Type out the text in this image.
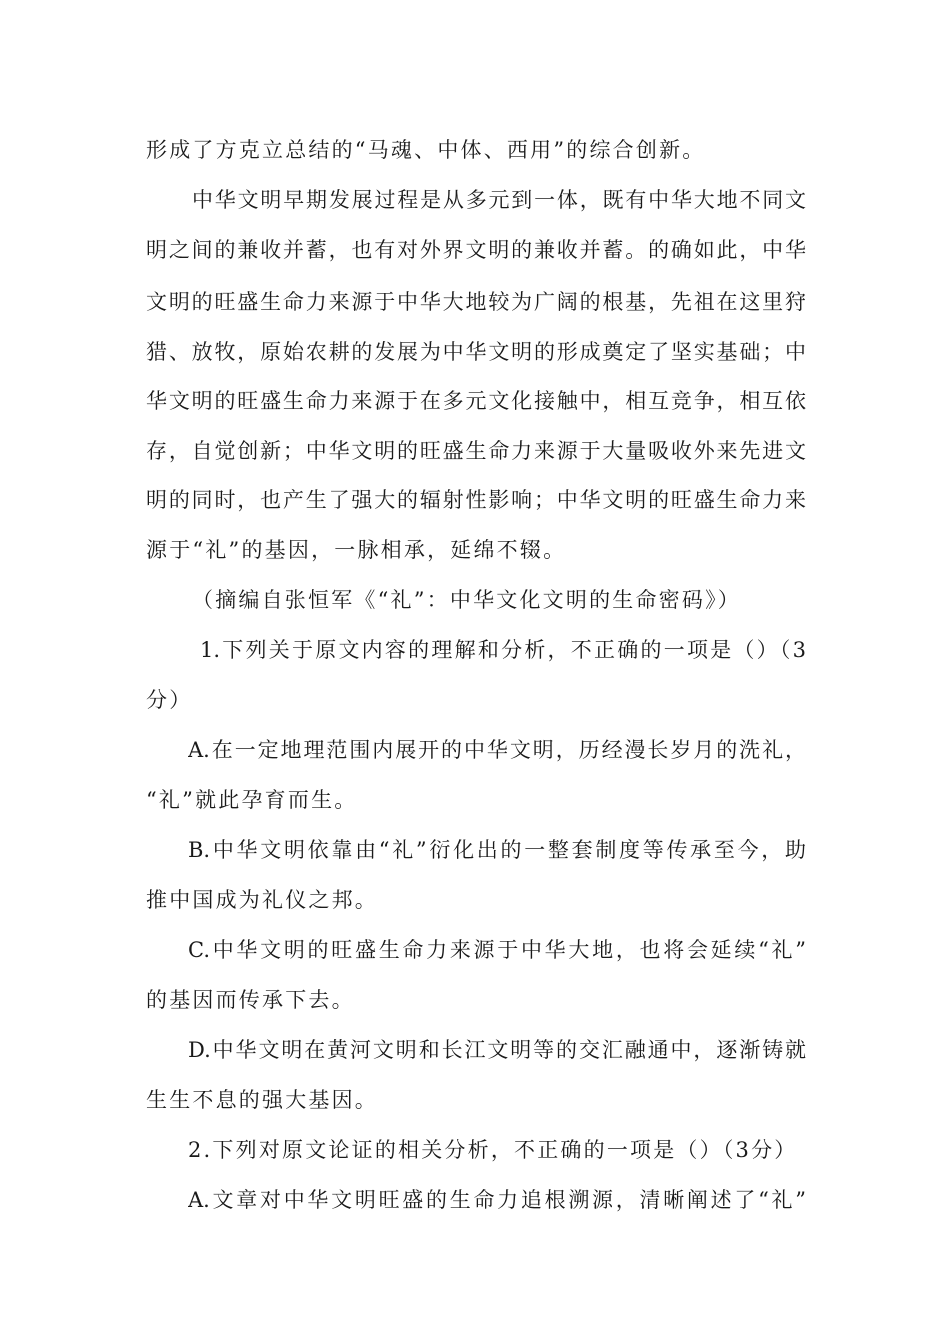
形成了方克立总结的“马魂、中体、西用”的综合创新。
中华文明早期发展过程是从多元到一体，既有中华大地不同文
明之间的兼收并蓄，也有对外界文明的兼收并蓄。的确如此，中华
文明的旺盛生命力来源于中华大地较为广阔的根基，先祖在这里狩
猎、放牧，原始农耕的发展为中华文明的形成奠定了坚实基础；中
华文明的旺盛生命力来源于在多元文化接触中，相互竞争，相互依
存，自觉创新；中华文明的旺盛生命力来源于大量吸收外来先进文
明的同时，也产生了强大的辐射性影响；中华文明的旺盛生命力来
源于“礼”的基因，一脉相承，延绵不辍。
（摘编自张恒军《“礼”：中华文化文明的生命密码》）
1.下列关于原文内容的理解和分析，不正确的一项是（）（3
分）
A.在一定地理范围内展开的中华文明，历经漫长岁月的洗礼，
“礼”就此孕育而生。
B.中华文明依靠由“礼”衍化出的一整套制度等传承至今，助
推中国成为礼仪之邦。
C.中华文明的旺盛生命力来源于中华大地，也将会延续“礼”
的基因而传承下去。
D.中华文明在黄河文明和长江文明等的交汇融通中，逐渐铸就
生生不息的强大基因。
2.下列对原文论证的相关分析，不正确的一项是（）（3分）
A.文章对中华文明旺盛的生命力追根溯源，清晰阐述了“礼”
